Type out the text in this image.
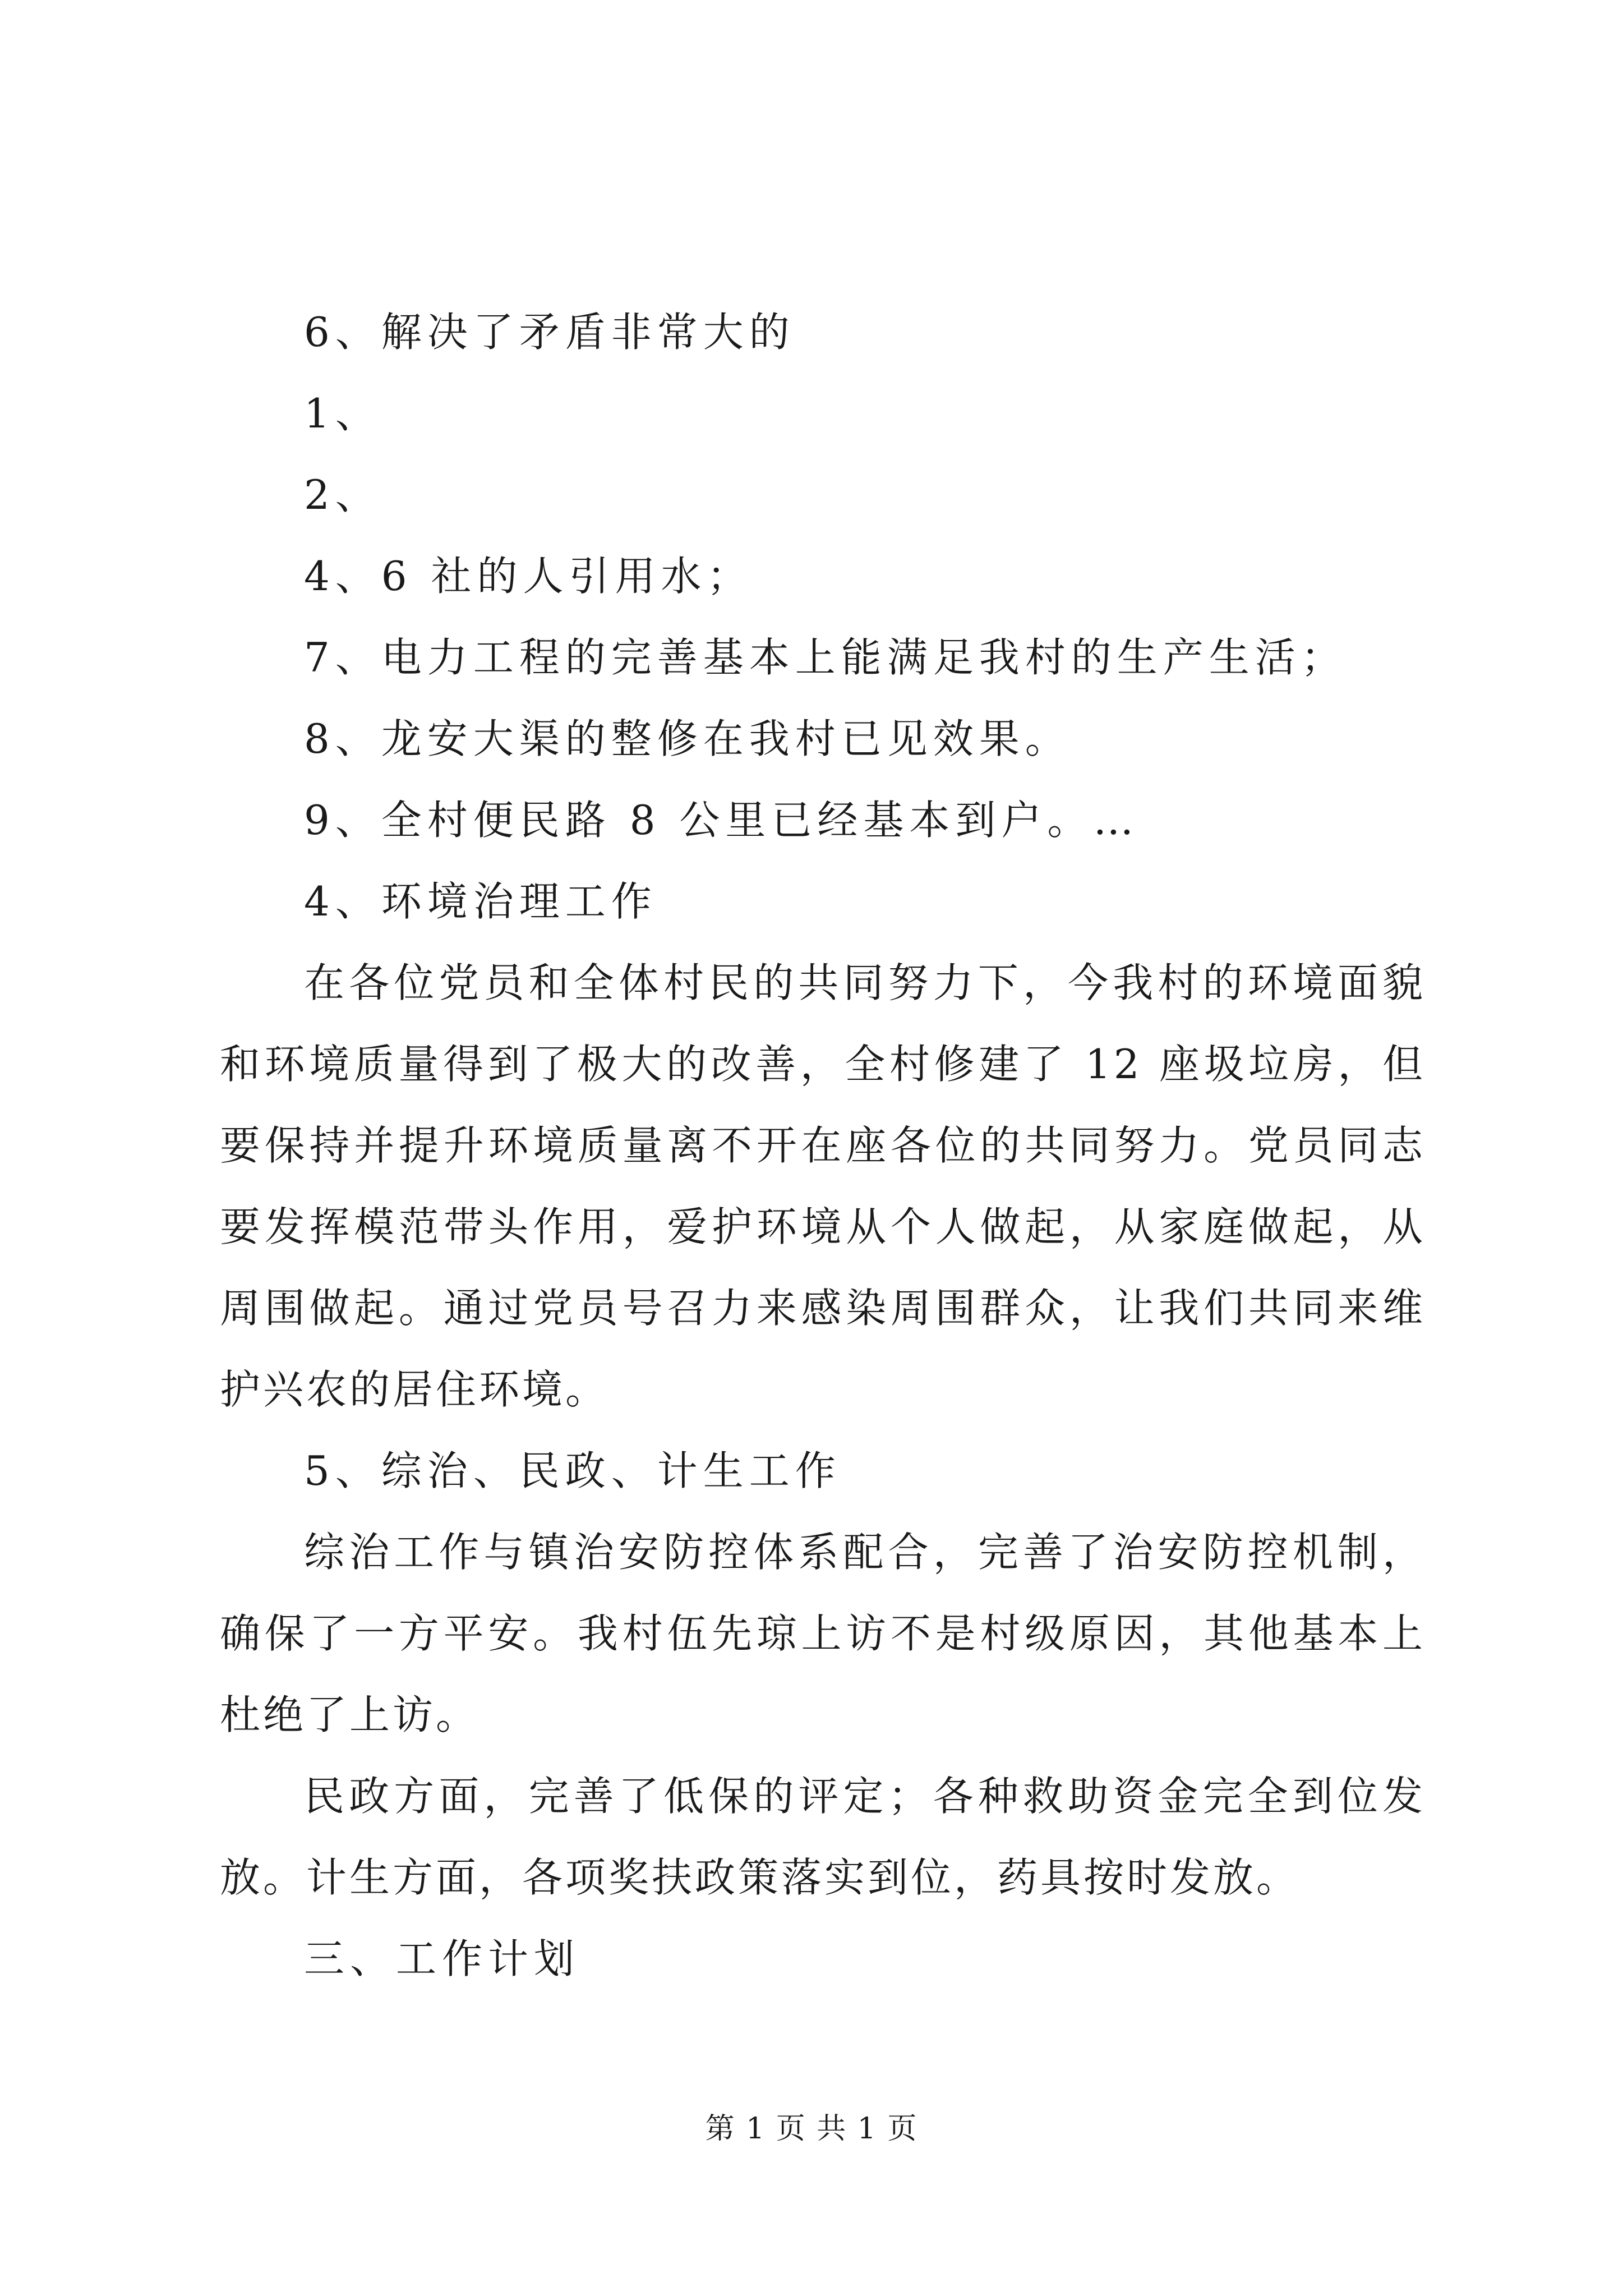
6、解决了矛盾非常大的
1、
2、
4、6 社的人引用水；
7、电力工程的完善基本上能满足我村的生产生活；
8、龙安大渠的整修在我村已见效果。
9、全村便民路 8 公里已经基本到户。…
4、环境治理工作

在各位党员和全体村民的共同努力下，今我村的环境面貌和环境质量得到了极大的改善，全村修建了 12 座圾垃房，但要保持并提升环境质量离不开在座各位的共同努力。党员同志要发挥模范带头作用，爱护环境从个人做起，从家庭做起，从周围做起。通过党员号召力来感染周围群众，让我们共同来维护兴农的居住环境。

5、综治、民政、计生工作

综治工作与镇治安防控体系配合，完善了治安防控机制，确保了一方平安。我村伍先琼上访不是村级原因，其他基本上杜绝了上访。

民政方面，完善了低保的评定；各种救助资金完全到位发放。计生方面，各项奖扶政策落实到位，药具按时发放。

三、工作计划
第 1 页 共 1 页
